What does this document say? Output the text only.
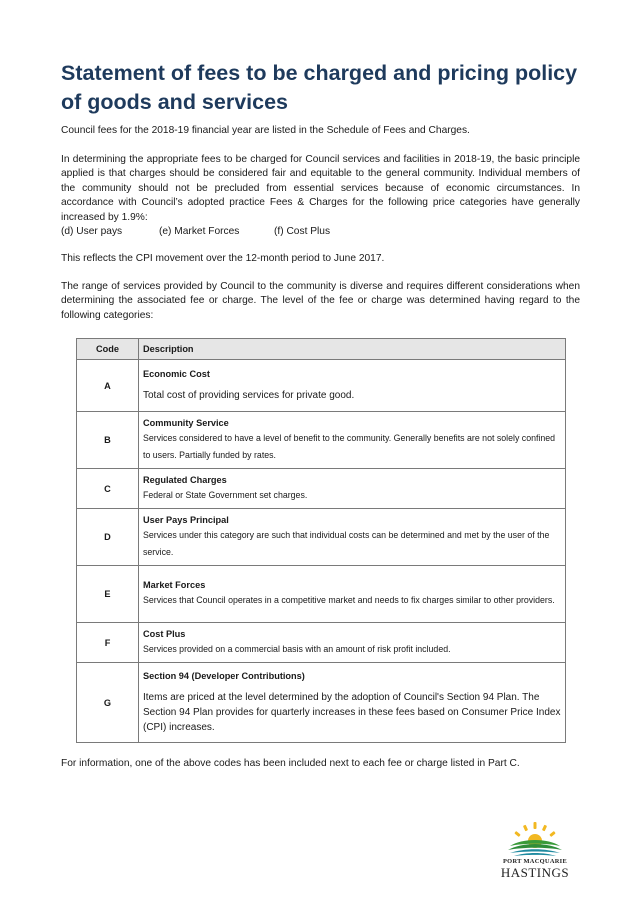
Statement of fees to be charged and pricing policy of goods and services

Council fees for the 2018-19 financial year are listed in the Schedule of Fees and Charges.

In determining the appropriate fees to be charged for Council services and facilities in 2018-19, the basic principle applied is that charges should be considered fair and equitable to the general community. Individual members of the community should not be precluded from essential services because of economic circumstances. In accordance with Council’s adopted practice Fees & Charges for the following price categories have generally increased by 1.9%:
(d) User pays	(e) Market Forces	(f) Cost Plus

This reflects the CPI movement over the 12-month period to June 2017.

The range of services provided by Council to the community is diverse and requires different considerations when determining the associated fee or charge. The level of the fee or charge was determined having regard to the following categories:

Code	Description
A	Economic Cost
Total cost of providing services for private good.

B	Community Service
Services considered to have a level of benefit to the community. Generally benefits are not solely confined to users. Partially funded by rates.

C	Regulated Charges
Federal or State Government set charges.

D	User Pays Principal
Services under this category are such that individual costs can be determined and met by the user of the service.

E	Market Forces
Services that Council operates in a competitive market and needs to fix charges similar to other providers.

F	Cost Plus
Services provided on a commercial basis with an amount of risk profit included.

G	Section 94 (Developer Contributions)
Items are priced at the level determined by the adoption of Council's Section 94 Plan. The Section 94 Plan provides for quarterly increases in these fees based on Consumer Price Index (CPI) increases.

For information, one of the above codes has been included next to each fee or charge listed in Part C.

PORT MACQUARIE
HASTINGS
